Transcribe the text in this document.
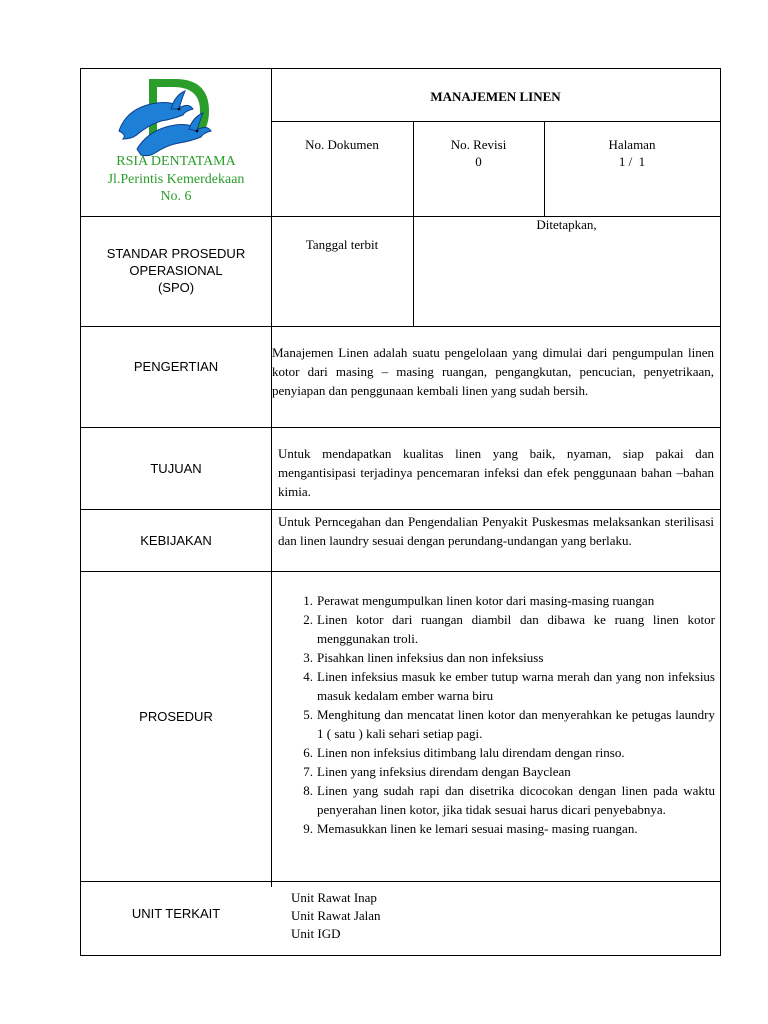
RSIA DENTATAMA
Jl.Perintis Kemerdekaan
No. 6
MANAJEMEN LINEN
No. Dokumen	No. Revisi
0
Halaman
1 /  1
STANDAR PROSEDUR
OPERASIONAL
(SPO)
Tanggal terbit
Ditetapkan,
PENGERTIAN
Manajemen Linen adalah suatu pengelolaan yang dimulai dari pengumpulan linen kotor dari masing – masing ruangan, pengangkutan, pencucian, penyetrikaan, penyiapan dan penggunaan kembali linen yang sudah bersih.
TUJUAN
Untuk mendapatkan kualitas linen yang baik, nyaman, siap pakai dan mengantisipasi terjadinya pencemaran infeksi dan efek penggunaan bahan –bahan kimia.
KEBIJAKAN
Untuk Perncegahan dan Pengendalian Penyakit Puskesmas melaksankan sterilisasi dan linen laundry sesuai dengan perundang-undangan yang berlaku.
PROSEDUR
1. Perawat mengumpulkan linen kotor dari masing-masing ruangan
2. Linen kotor dari ruangan diambil dan dibawa ke ruang linen kotor menggunakan troli.
3. Pisahkan linen infeksius dan non infeksiuss
4. Linen infeksius masuk ke ember tutup warna merah dan yang non infeksius masuk kedalam ember warna biru
5. Menghitung dan mencatat linen kotor dan menyerahkan ke petugas laundry 1 ( satu ) kali sehari setiap pagi.
6. Linen non infeksius ditimbang lalu direndam dengan rinso.
7. Linen yang infeksius direndam dengan Bayclean
8. Linen yang sudah rapi dan disetrika dicocokan dengan linen pada waktu penyerahan linen kotor, jika tidak sesuai harus dicari penyebabnya.
9. Memasukkan linen ke lemari sesuai masing- masing ruangan.
UNIT TERKAIT
Unit Rawat Inap
Unit Rawat Jalan
Unit IGD
